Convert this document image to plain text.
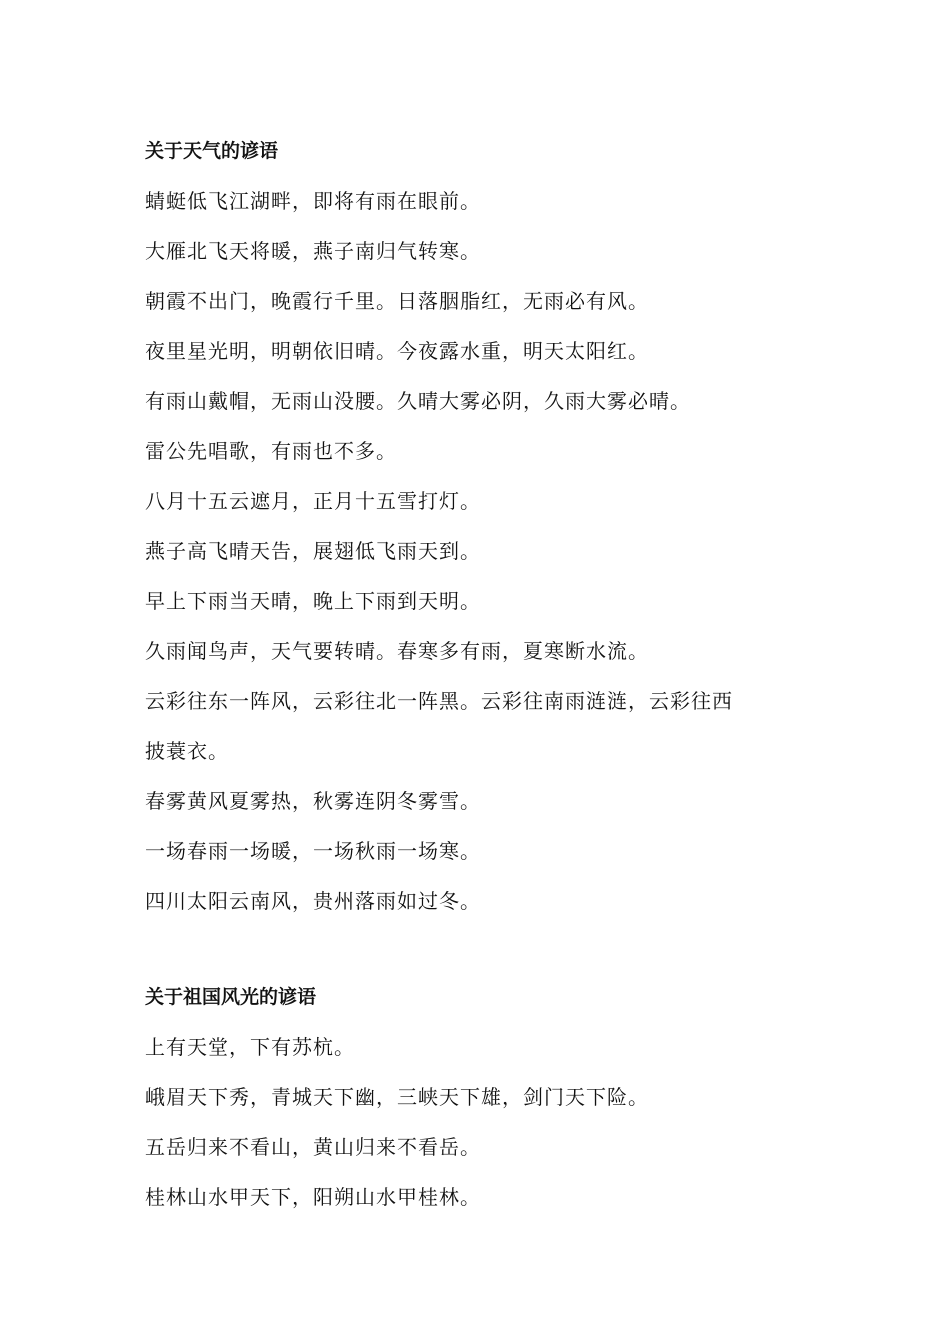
关于天气的谚语
蜻蜓低飞江湖畔，即将有雨在眼前。
大雁北飞天将暖，燕子南归气转寒。
朝霞不出门，晚霞行千里。日落胭脂红，无雨必有风。
夜里星光明，明朝依旧晴。今夜露水重，明天太阳红。
有雨山戴帽，无雨山没腰。久晴大雾必阴，久雨大雾必晴。
雷公先唱歌，有雨也不多。
八月十五云遮月，正月十五雪打灯。
燕子高飞晴天告，展翅低飞雨天到。
早上下雨当天晴，晚上下雨到天明。
久雨闻鸟声，天气要转晴。春寒多有雨，夏寒断水流。
云彩往东一阵风，云彩往北一阵黑。云彩往南雨涟涟，云彩往西
披蓑衣。
春雾黄风夏雾热，秋雾连阴冬雾雪。
一场春雨一场暖，一场秋雨一场寒。
四川太阳云南风，贵州落雨如过冬。
关于祖国风光的谚语
上有天堂，下有苏杭。
峨眉天下秀，青城天下幽，三峡天下雄，剑门天下险。
五岳归来不看山，黄山归来不看岳。
桂林山水甲天下，阳朔山水甲桂林。
